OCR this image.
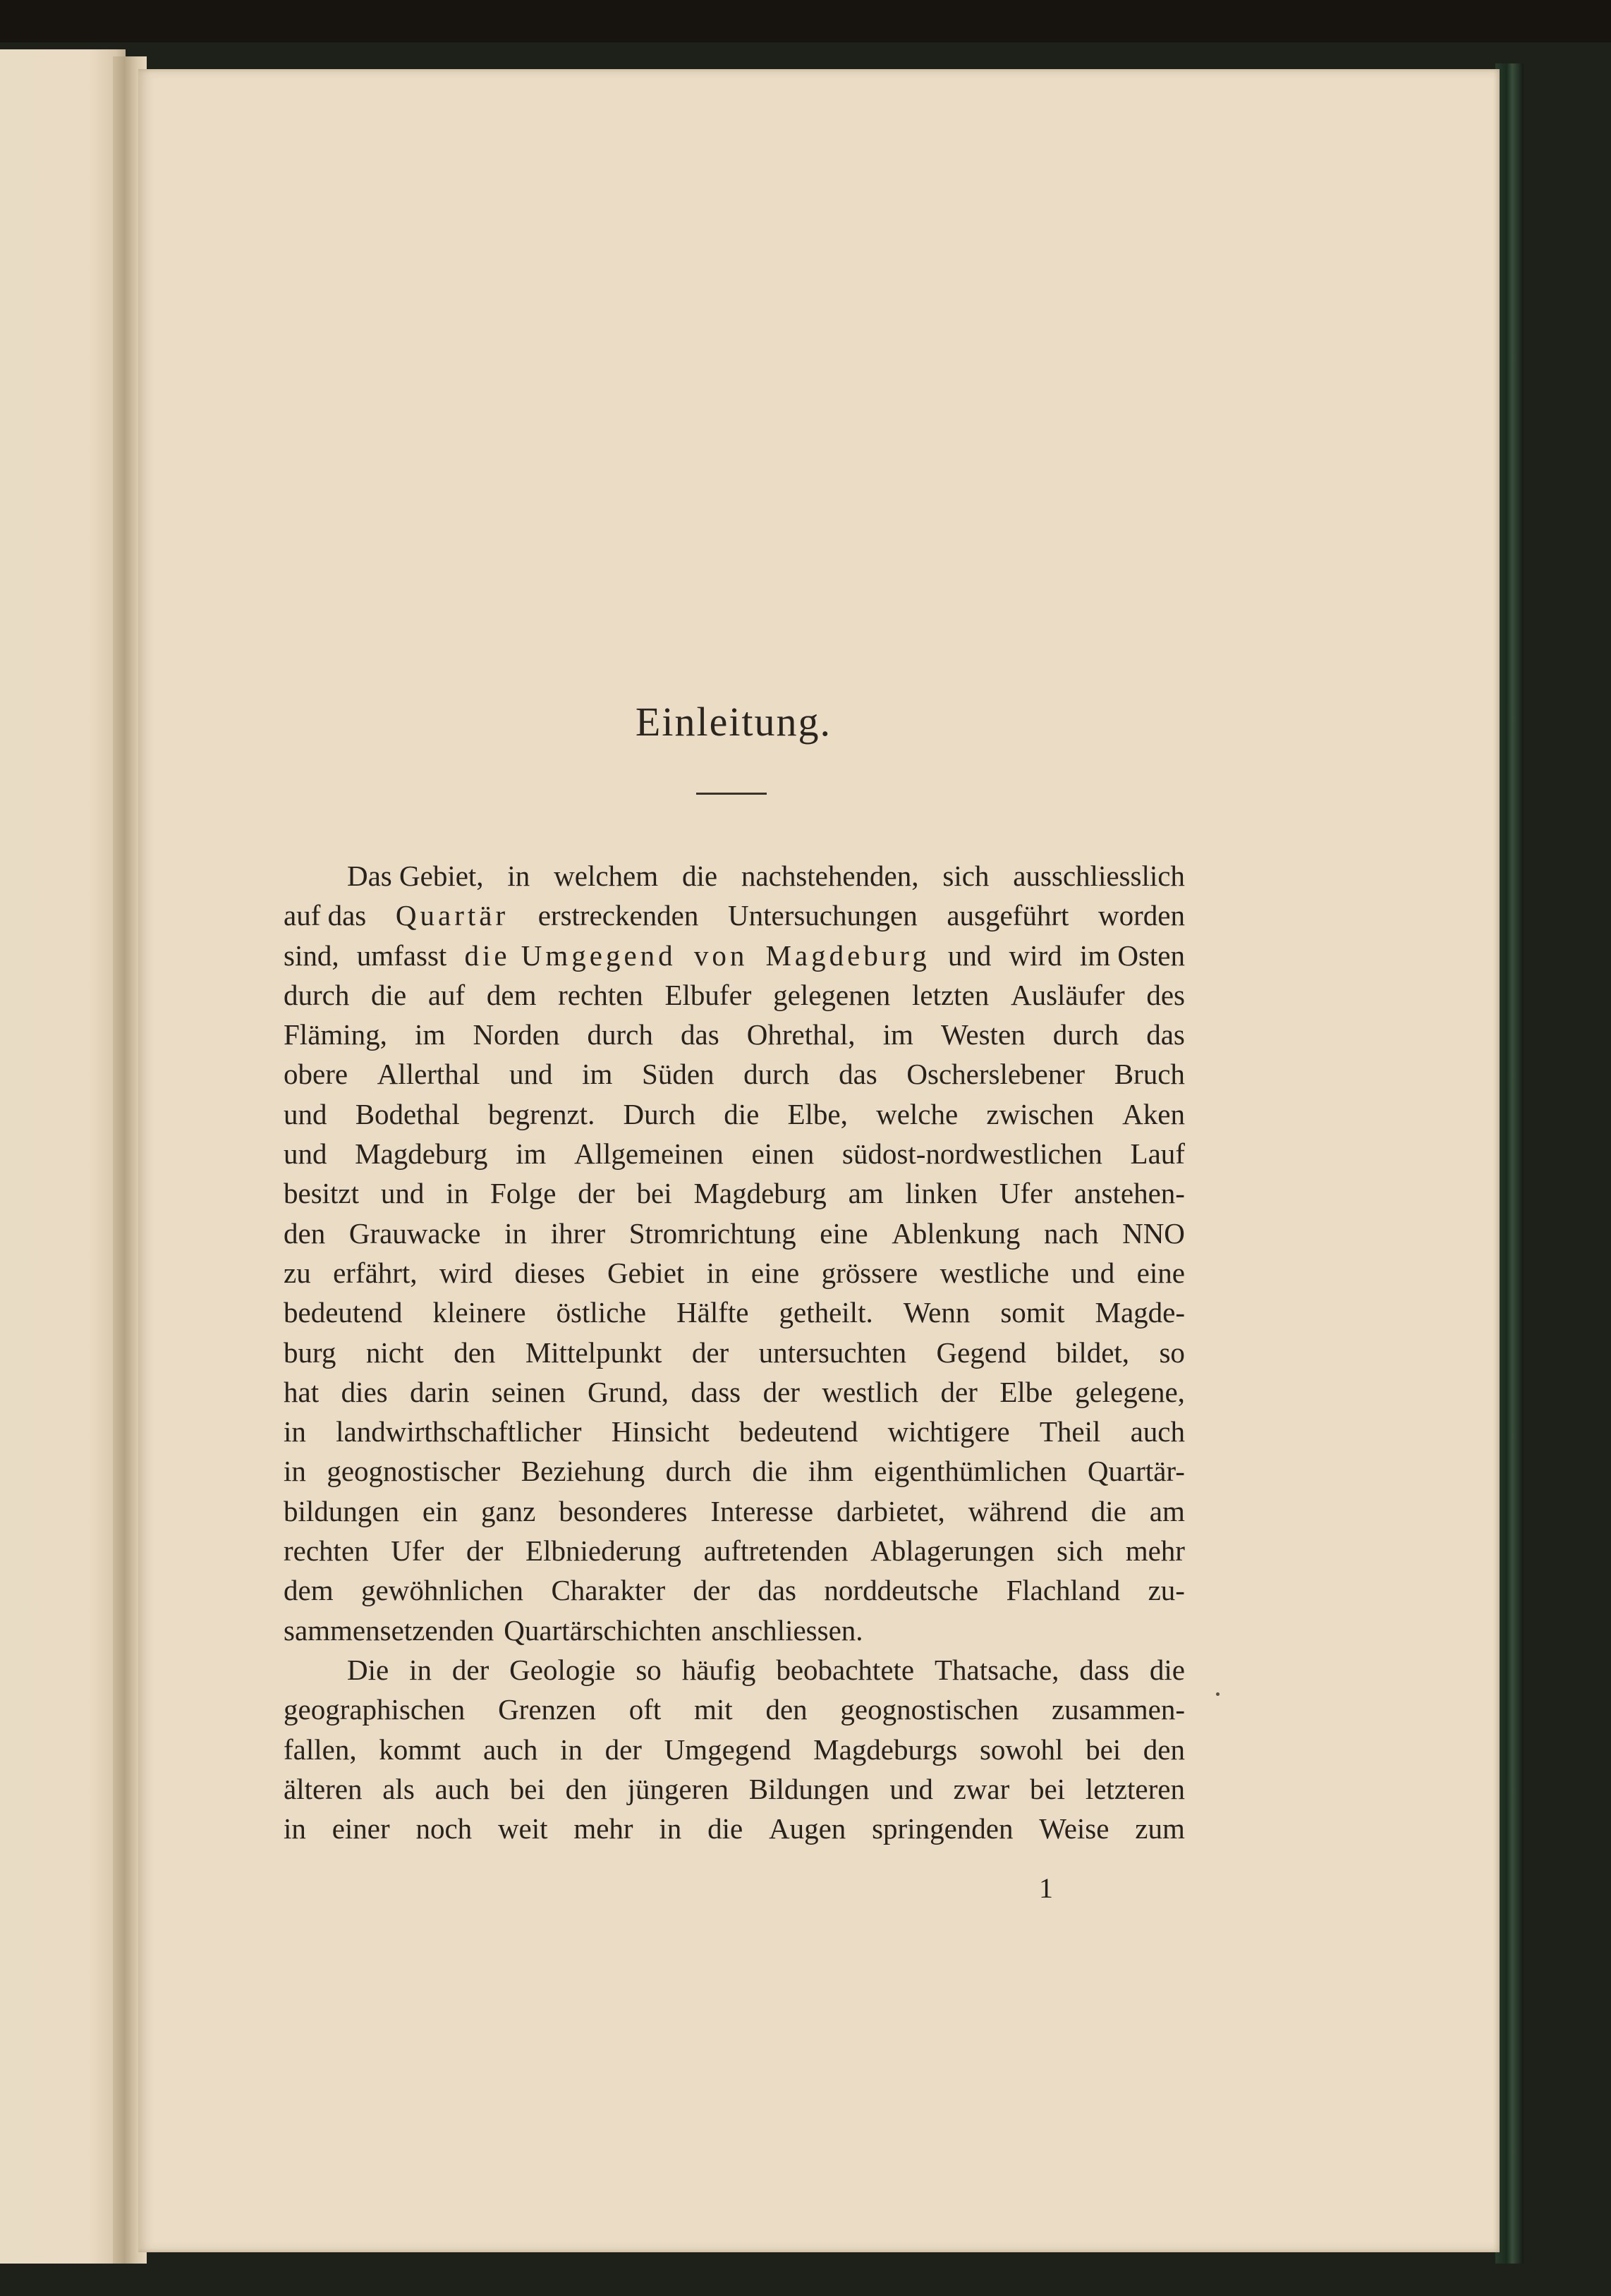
Einleitung.
Das Gebiet, in welchem die nachstehenden, sich ausschliesslich
auf das Quartär erstreckenden Untersuchungen ausgeführt worden
sind, umfasst die Umgegend von Magdeburg und wird im Osten
durch die auf dem rechten Elbufer gelegenen letzten Ausläufer des
Fläming, im Norden durch das Ohrethal, im Westen durch das
obere Allerthal und im Süden durch das Oscherslebener Bruch
und Bodethal begrenzt. Durch die Elbe, welche zwischen Aken
und Magdeburg im Allgemeinen einen südost-nordwestlichen Lauf
besitzt und in Folge der bei Magdeburg am linken Ufer anstehen-
den Grauwacke in ihrer Stromrichtung eine Ablenkung nach NNO
zu erfährt, wird dieses Gebiet in eine grössere westliche und eine
bedeutend kleinere östliche Hälfte getheilt. Wenn somit Magde-
burg nicht den Mittelpunkt der untersuchten Gegend bildet, so
hat dies darin seinen Grund, dass der westlich der Elbe gelegene,
in landwirthschaftlicher Hinsicht bedeutend wichtigere Theil auch
in geognostischer Beziehung durch die ihm eigenthümlichen Quartär-
bildungen ein ganz besonderes Interesse darbietet, während die am
rechten Ufer der Elbniederung auftretenden Ablagerungen sich mehr
dem gewöhnlichen Charakter der das norddeutsche Flachland zu-
sammensetzenden Quartärschichten anschliessen.
Die in der Geologie so häufig beobachtete Thatsache, dass die
geographischen Grenzen oft mit den geognostischen zusammen-
fallen, kommt auch in der Umgegend Magdeburgs sowohl bei den
älteren als auch bei den jüngeren Bildungen und zwar bei letzteren
in einer noch weit mehr in die Augen springenden Weise zum
1
